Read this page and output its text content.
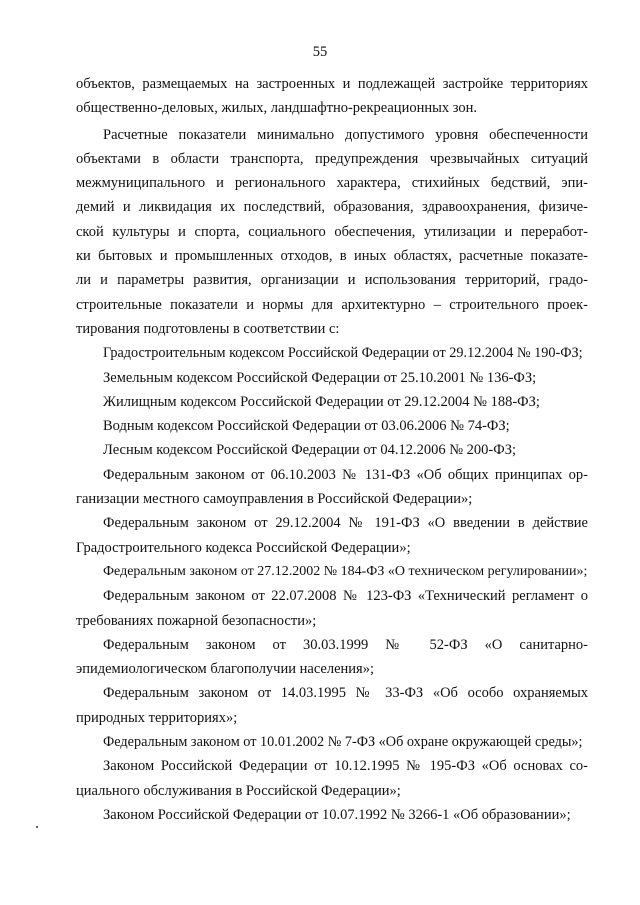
55
объектов, размещаемых на застроенных и подлежащей застройке территориях
общественно-деловых, жилых, ландшафтно-рекреационных зон.
Расчетные показатели минимально допустимого уровня обеспеченности
объектами в области транспорта, предупреждения чрезвычайных ситуаций
межмуниципального и регионального характера, стихийных бедствий, эпи-
демий и ликвидация их последствий, образования, здравоохранения, физиче-
ской культуры и спорта, социального обеспечения, утилизации и переработ-
ки бытовых и промышленных отходов, в иных областях, расчетные показате-
ли и параметры развития, организации и использования территорий, градо-
строительные показатели и нормы для архитектурно – строительного проек-
тирования подготовлены в соответствии с:
Градостроительным кодексом Российской Федерации от 29.12.2004 № 190-ФЗ;
Земельным кодексом Российской Федерации от 25.10.2001 № 136-ФЗ;
Жилищным кодексом Российской Федерации от 29.12.2004 № 188-ФЗ;
Водным кодексом Российской Федерации от 03.06.2006 № 74-ФЗ;
Лесным кодексом Российской Федерации от 04.12.2006 № 200-ФЗ;
Федеральным законом от 06.10.2003 № 131-ФЗ «Об общих принципах ор-
ганизации местного самоуправления в Российской Федерации»;
Федеральным законом от 29.12.2004 № 191-ФЗ «О введении в действие
Градостроительного кодекса Российской Федерации»;
Федеральным законом от 27.12.2002 № 184-ФЗ «О техническом регулировании»;
Федеральным законом от 22.07.2008 № 123-ФЗ «Технический регламент о
требованиях пожарной безопасности»;
Федеральным законом от 30.03.1999 № 52-ФЗ «О санитарно-
эпидемиологическом благополучии населения»;
Федеральным законом от 14.03.1995 № 33-ФЗ «Об особо охраняемых
природных территориях»;
Федеральным законом от 10.01.2002 № 7-ФЗ «Об охране окружающей среды»;
Законом Российской Федерации от 10.12.1995 № 195-ФЗ «Об основах со-
циального обслуживания в Российской Федерации»;
Законом Российской Федерации от 10.07.1992 № 3266-1 «Об образовании»;
